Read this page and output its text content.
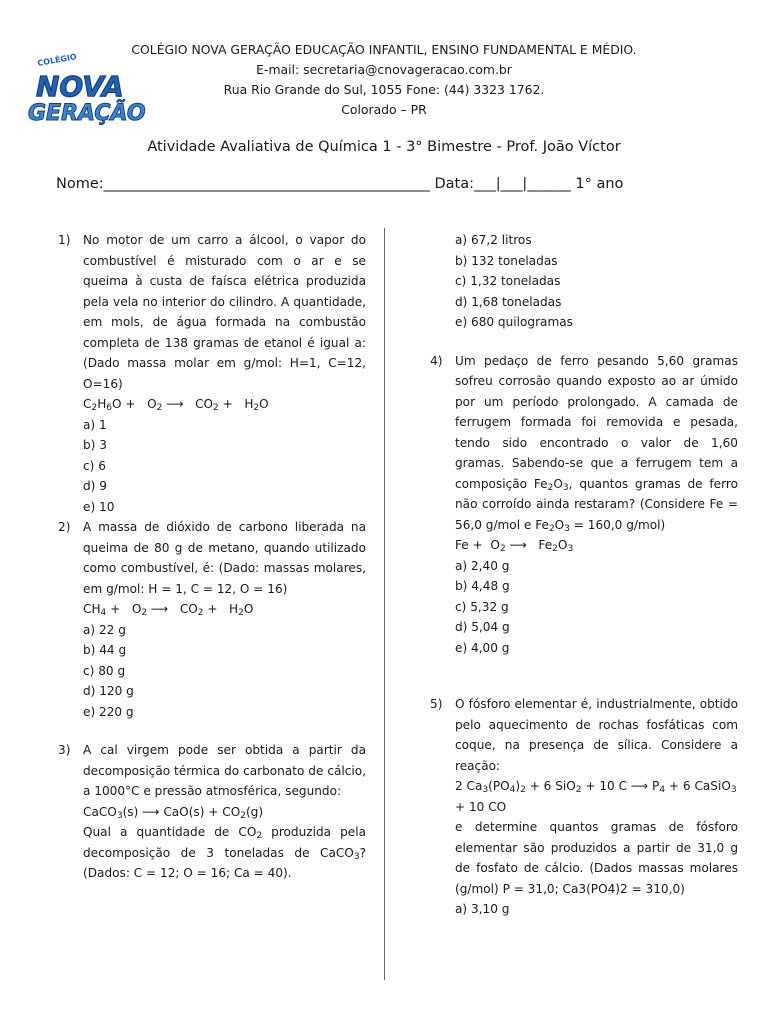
COLÉGIO NOVA GERAÇÃO EDUCAÇÃO INFANTIL, ENSINO FUNDAMENTAL E MÉDIO.
E-mail: secretaria@cnovageracao.com.br
Rua Rio Grande do Sul, 1055 Fone: (44) 3323 1762.
Colorado – PR
COLÉGIO
NOVA
GERAÇÃO
Atividade Avaliativa de Química 1 - 3° Bimestre - Prof. João Víctor
Nome:_____________________________________________ Data:___|___|______ 1° ano
1) No motor de um carro a álcool, o vapor do combustível é misturado com o ar e se queima à custa de faísca elétrica produzida pela vela no interior do cilindro. A quantidade, em mols, de água formada na combustão completa de 138 gramas de etanol é igual a: (Dado massa molar em g/mol: H=1, C=12, O=16)
$C_2H_6O + O_2$ ⟶   $CO_2 + H_2O$
a) 1
b) 3
c) 6
d) 9
e) 10
2) A massa de dióxido de carbono liberada na queima de 80 g de metano, quando utilizado como combustível, é: (Dado: massas molares, em g/mol: H = 1, C = 12, O = 16)
$CH_4 + O_2$ ⟶   $CO_2 + H_2O$
a) 22 g
b) 44 g
c) 80 g
d) 120 g
e) 220 g
3) A cal virgem pode ser obtida a partir da decomposição térmica do carbonato de cálcio, a 1000°C e pressão atmosférica, segundo:
CaCO$_3$(s) ⟶ $CaO(s) + CO_2(g)$
Qual a quantidade de $CO_2$ produzida pela decomposição de 3 toneladas de CaCO$_3$? (Dados: C = 12; O = 16; Ca = 40).
a) 67,2 litros
b) 132 toneladas
c) 1,32 toneladas
d) 1,68 toneladas
e) 680 quilogramas
4) Um pedaço de ferro pesando 5,60 gramas sofreu corrosão quando exposto ao ar úmido por um período prolongado. A camada de ferrugem formada foi removida e pesada, tendo sido encontrado o valor de 1,60 gramas. Sabendo-se que a ferrugem tem a composição $Fe_2O_3$, quantos gramas de ferro não corroído ainda restaram? (Considere Fe = 56,0 g/mol e $Fe_2O_3 = 160,0$ g/mol)
$Fe + O_2$ ⟶   $Fe_2O_3$
a) 2,40 g
b) 4,48 g
c) 5,32 g
d) 5,04 g
e) 4,00 g
5) O fósforo elementar é, industrialmente, obtido pelo aquecimento de rochas fosfáticas com coque, na presença de sílica. Considere a reação:
2 $Ca_3(PO_4)_2 + 6$ SiO$_2$ + 10 C ⟶ $P_4 + 6$ CaSiO$_3$ + 10 CO
e determine quantos gramas de fósforo elementar são produzidos a partir de 31,0 g de fosfato de cálcio. (Dados massas molares (g/mol) P = 31,0; Ca3(PO4)2 = 310,0)
a) 3,10 g
